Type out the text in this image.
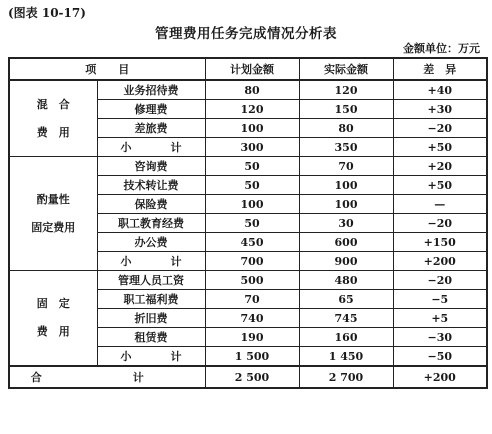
(图表 10-17)
管理费用任务完成情况分析表
金额单位：万元
项　　目		计划金额	实际金额	差　异

混　合
费　用	业务招待费	80	120	+40
	修理费	120	150	+30
	差旅费	100	80	−20
	小　计	300	350	+50

酌量性
固定费用	咨询费	50	70	+20
	技术转让费	50	100	+50
	保险费	100	100	—
	职工教育经费	50	30	−20
	办公费	450	600	+150
	小　计	700	900	+200

固　定
费　用	管理人员工资	500	480	−20
	职工福利费	70	65	−5
	折旧费	740	745	+5
	租赁费	190	160	−30
	小　计	1 500	1 450	−50
合　计		2 500	2 700	+200
